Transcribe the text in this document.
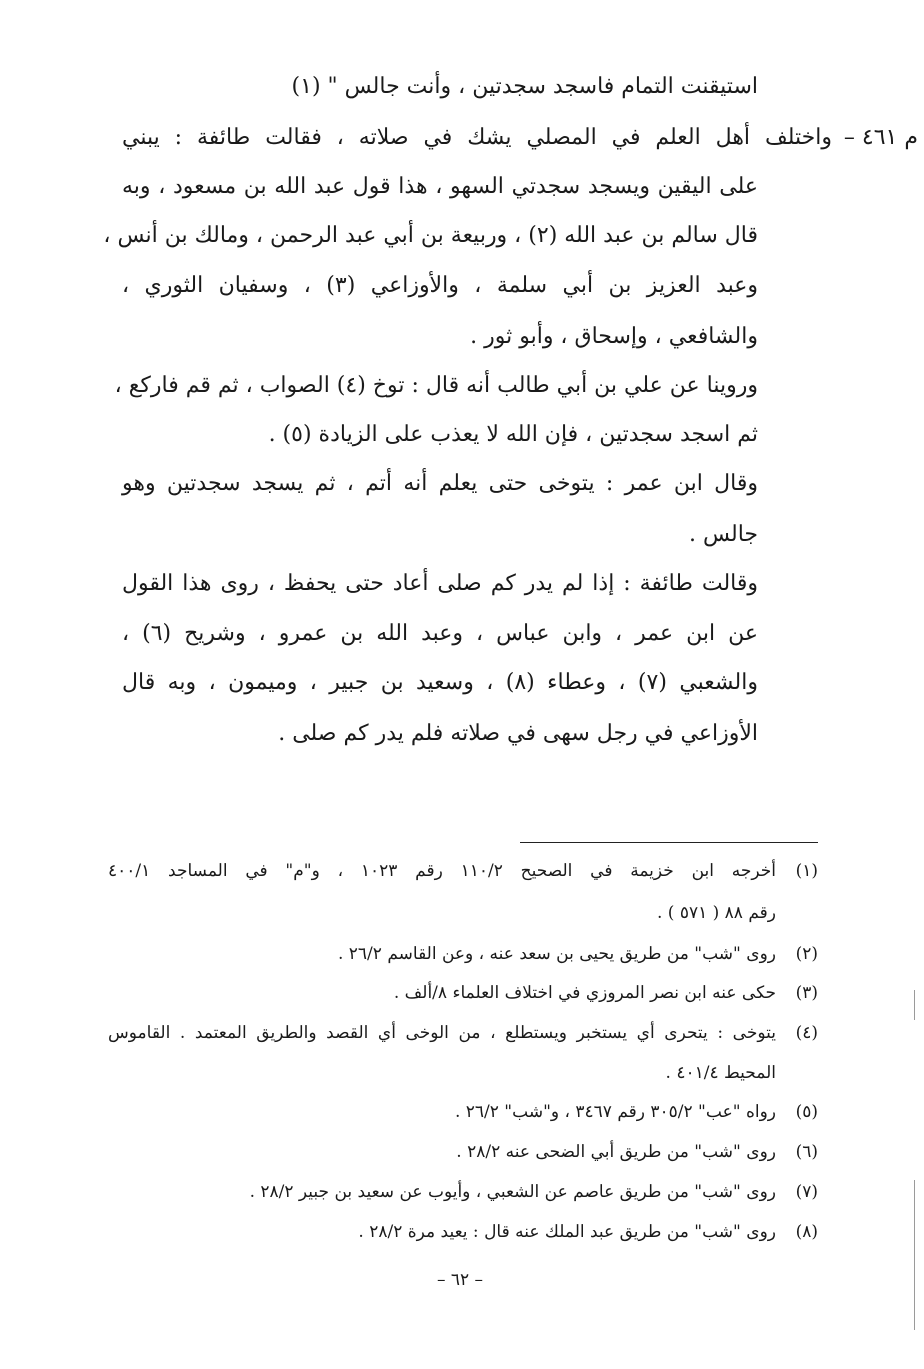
م ٤٦١ –
استيقنت التمام فاسجد سجدتين ، وأنت جالس " (١)
واختلف أهل العلم في المصلي يشك في صلاته ، فقالت طائفة : يبني
على اليقين ويسجد سجدتي السهو ، هذا قول عبد الله بن مسعود ، وبه
قال سالم بن عبد الله (٢) ، وربيعة بن أبي عبد الرحمن ، ومالك بن أنس ،
وعبد العزيز بن أبي سلمة ، والأوزاعي (٣) ، وسفيان الثوري ،
والشافعي ، وإسحاق ، وأبو ثور .
وروينا عن علي بن أبي طالب أنه قال : توخ (٤) الصواب ، ثم قم فاركع ،
ثم اسجد سجدتين ، فإن الله لا يعذب على الزيادة (٥) .
وقال ابن عمر : يتوخى حتى يعلم أنه أتم ، ثم يسجد سجدتين وهو
جالس .
وقالت طائفة : إذا لم يدر كم صلى أعاد حتى يحفظ ، روى هذا القول
عن ابن عمر ، وابن عباس ، وعبد الله بن عمرو ، وشريح (٦) ،
والشعبي (٧) ، وعطاء (٨) ، وسعيد بن جبير ، وميمون ، وبه قال
الأوزاعي في رجل سهى في صلاته فلم يدر كم صلى .
(١)
أخرجه ابن خزيمة في الصحيح ١١٠/٢ رقم ١٠٢٣ ، و"م" في المساجد ٤٠٠/١
رقم ٨٨ ( ٥٧١ ) .
(٢)
روى "شب" من طريق يحيى بن سعد عنه ، وعن القاسم ٢٦/٢ .
(٣)
حكى عنه ابن نصر المروزي في اختلاف العلماء ٨/ألف .
(٤)
يتوخى : يتحرى أي يستخبر ويستطلع ، من الوخى أي القصد والطريق المعتمد . القاموس
المحيط ٤٠١/٤ .
(٥)
رواه "عب" ٣٠٥/٢ رقم ٣٤٦٧ ، و"شب" ٢٦/٢ .
(٦)
روى "شب" من طريق أبي الضحى عنه ٢٨/٢ .
(٧)
روى "شب" من طريق عاصم عن الشعبي ، وأيوب عن سعيد بن جبير ٢٨/٢ .
(٨)
روى "شب" من طريق عبد الملك عنه قال : يعيد مرة ٢٨/٢ .
– ٦٢ –
